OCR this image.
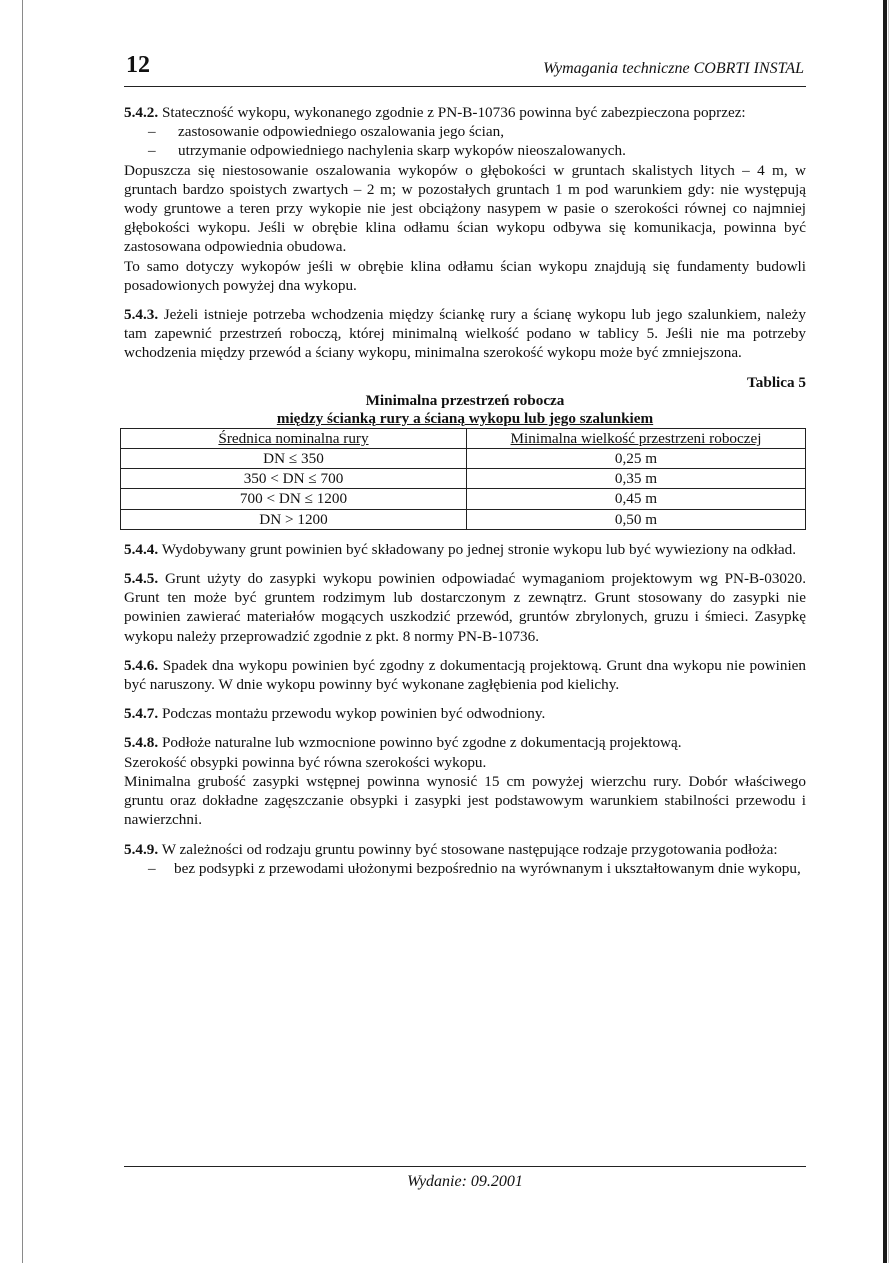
12	Wymagania techniczne COBRTI INSTAL

5.4.2. Stateczność wykopu, wykonanego zgodnie z PN-B-10736 powinna być zabezpieczona poprzez:

– zastosowanie odpowiedniego oszalowania jego ścian,
– utrzymanie odpowiedniego nachylenia skarp wykopów nieoszalowanych.

Dopuszcza się niestosowanie oszalowania wykopów o głębokości w gruntach skalistych litych – 4 m, w gruntach bardzo spoistych zwartych – 2 m; w pozostałych gruntach 1 m pod warunkiem gdy: nie występują wody gruntowe a teren przy wykopie nie jest obciążony nasypem w pasie o szerokości równej co najmniej głębokości wykopu. Jeśli w obrębie klina odłamu ścian wykopu odbywa się komunikacja, powinna być zastosowana odpowiednia obudowa.

To samo dotyczy wykopów jeśli w obrębie klina odłamu ścian wykopu znajdują się fundamenty budowli posadowionych powyżej dna wykopu.

5.4.3. Jeżeli istnieje potrzeba wchodzenia między ściankę rury a ścianę wykopu lub jego szalunkiem, należy tam zapewnić przestrzeń roboczą, której minimalną wielkość podano w tablicy 5. Jeśli nie ma potrzeby wchodzenia między przewód a ściany wykopu, minimalna szerokość wykopu może być zmniejszona.

Tablica 5
Minimalna przestrzeń robocza
między ścianką rury a ścianą wykopu lub jego szalunkiem
Średnica nominalna rury	Minimalna wielkość przestrzeni roboczej
DN ≤ 350	0,25 m
350 < DN ≤ 700	0,35 m
700 < DN ≤ 1200	0,45 m
DN > 1200	0,50 m

5.4.4. Wydobywany grunt powinien być składowany po jednej stronie wykopu lub być wywieziony na odkład.

5.4.5. Grunt użyty do zasypki wykopu powinien odpowiadać wymaganiom projektowym wg PN-B-03020. Grunt ten może być gruntem rodzimym lub dostarczonym z zewnątrz. Grunt stosowany do zasypki nie powinien zawierać materiałów mogących uszkodzić przewód, gruntów zbrylonych, gruzu i śmieci. Zasypkę wykopu należy przeprowadzić zgodnie z pkt. 8 normy PN-B-10736.

5.4.6. Spadek dna wykopu powinien być zgodny z dokumentacją projektową. Grunt dna wykopu nie powinien być naruszony. W dnie wykopu powinny być wykonane zagłębienia pod kielichy.

5.4.7. Podczas montażu przewodu wykop powinien być odwodniony.

5.4.8. Podłoże naturalne lub wzmocnione powinno być zgodne z dokumentacją projektową.

Szerokość obsypki powinna być równa szerokości wykopu.

Minimalna grubość zasypki wstępnej powinna wynosić 15 cm powyżej wierzchu rury. Dobór właściwego gruntu oraz dokładne zagęszczanie obsypki i zasypki jest podstawowym warunkiem stabilności przewodu i nawierzchni.

5.4.9. W zależności od rodzaju gruntu powinny być stosowane następujące rodzaje przygotowania podłoża:

– bez podsypki z przewodami ułożonymi bezpośrednio na wyrównanym i ukształtowanym dnie wykopu,
Wydanie: 09.2001
